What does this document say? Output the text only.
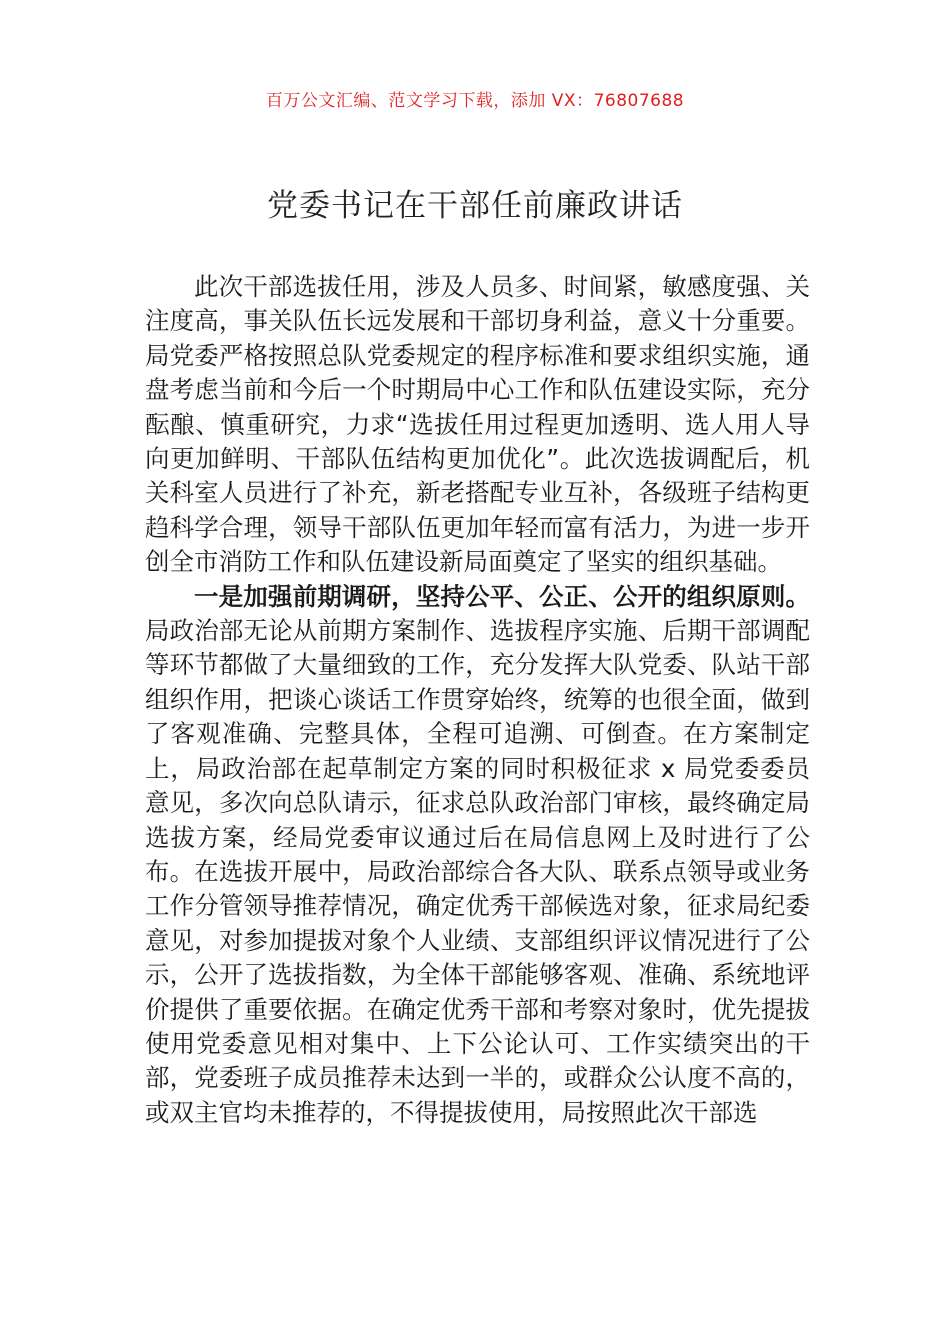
百万公文汇编、范文学习下载，添加 VX：76807688
党委书记在干部任前廉政讲话

此次干部选拔任用，涉及人员多、时间紧，敏感度强、关注度高，事关队伍长远发展和干部切身利益，意义十分重要。局党委严格按照总队党委规定的程序标准和要求组织实施，通盘考虑当前和今后一个时期局中心工作和队伍建设实际，充分酝酿、慎重研究，力求“选拔任用过程更加透明、选人用人导向更加鲜明、干部队伍结构更加优化”。此次选拔调配后，机关科室人员进行了补充，新老搭配专业互补，各级班子结构更趋科学合理，领导干部队伍更加年轻而富有活力，为进一步开创全市消防工作和队伍建设新局面奠定了坚实的组织基础。

一是加强前期调研，坚持公平、公正、公开的组织原则。局政治部无论从前期方案制作、选拔程序实施、后期干部调配等环节都做了大量细致的工作，充分发挥大队党委、队站干部组织作用，把谈心谈话工作贯穿始终，统筹的也很全面，做到了客观准确、完整具体，全程可追溯、可倒查。在方案制定上，局政治部在起草制定方案的同时积极征求 x 局党委委员意见，多次向总队请示，征求总队政治部门审核，最终确定局选拔方案，经局党委审议通过后在局信息网上及时进行了公布。在选拔开展中，局政治部综合各大队、联系点领导或业务工作分管领导推荐情况，确定优秀干部候选对象，征求局纪委意见，对参加提拔对象个人业绩、支部组织评议情况进行了公示，公开了选拔指数，为全体干部能够客观、准确、系统地评价提供了重要依据。在确定优秀干部和考察对象时，优先提拔使用党委意见相对集中、上下公论认可、工作实绩突出的干部，党委班子成员推荐未达到一半的，或群众公认度不高的，或双主官均未推荐的，不得提拔使用，局按照此次干部选
